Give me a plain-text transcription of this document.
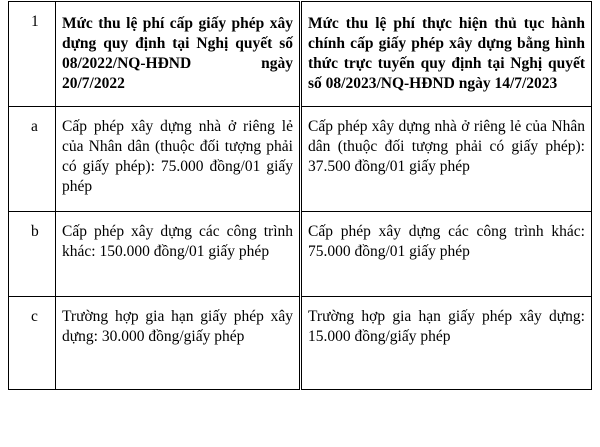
1	Mức thu lệ phí cấp giấy phép xây dựng quy định tại Nghị quyết số 08/2022/NQ-HĐND ngày 20/7/2022	Mức thu lệ phí thực hiện thủ tục hành chính cấp giấy phép xây dựng bằng hình thức trực tuyến quy định tại Nghị quyết số 08/2023/NQ-HĐND ngày 14/7/2023

a	Cấp phép xây dựng nhà ở riêng lẻ của Nhân dân (thuộc đối tượng phải có giấy phép): 75.000 đồng/01 giấy phép	Cấp phép xây dựng nhà ở riêng lẻ của Nhân dân (thuộc đối tượng phải có giấy phép): 37.500 đồng/01 giấy phép

b	Cấp phép xây dựng các công trình khác: 150.000 đồng/01 giấy phép	Cấp phép xây dựng các công trình khác: 75.000 đồng/01 giấy phép

c	Trường hợp gia hạn giấy phép xây dựng: 30.000 đồng/giấy phép	Trường hợp gia hạn giấy phép xây dựng: 15.000 đồng/giấy phép
